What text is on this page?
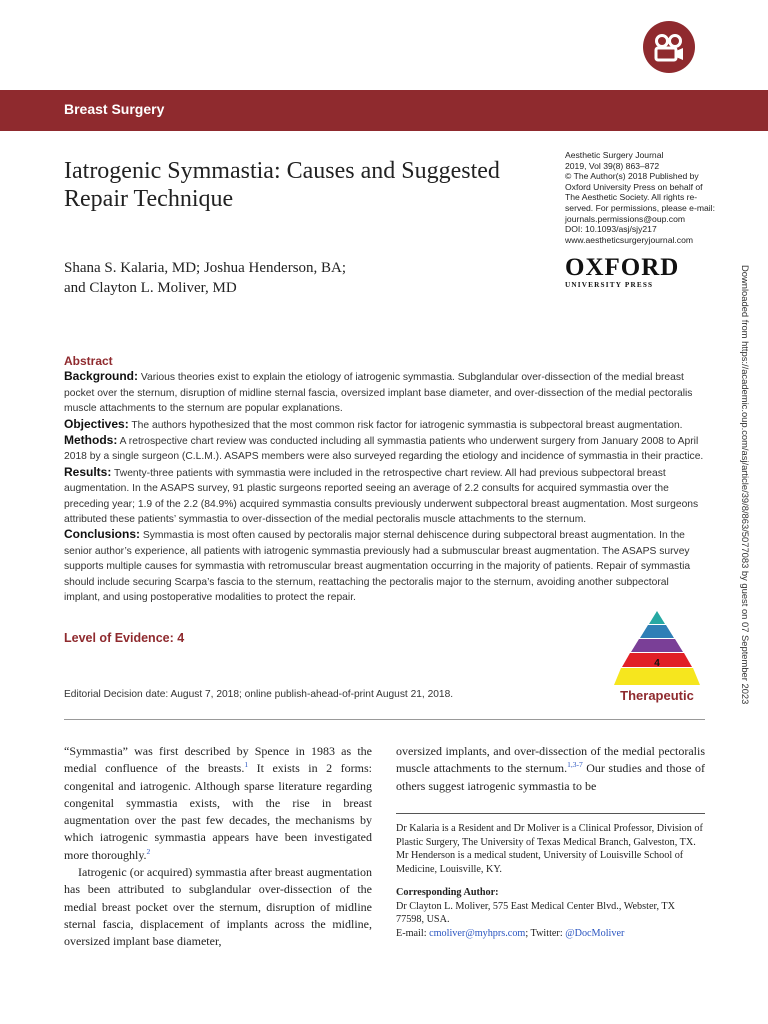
Breast Surgery
Iatrogenic Symmastia: Causes and Suggested Repair Technique
Shana S. Kalaria, MD; Joshua Henderson, BA;
and Clayton L. Moliver, MD
Aesthetic Surgery Journal
2019, Vol 39(8) 863–872
© The Author(s) 2018 Published by
Oxford University Press on behalf of
The Aesthetic Society. All rights re-
served. For permissions, please e-mail:
journals.permissions@oup.com
DOI: 10.1093/asj/sjy217
www.aestheticsurgeryjournal.com
OXFORD
UNIVERSITY PRESS	Downloaded from https://academic.oup.com/asj/article/39/8/863/5077083 by guest on 07 September 2023
Abstract

Background: Various theories exist to explain the etiology of iatrogenic symmastia. Subglandular over-dissection of the medial breast pocket over the sternum, disruption of midline sternal fascia, oversized implant base diameter, and over-dissection of the medial pectoralis muscle attachments to the sternum are popular explanations.

Objectives: The authors hypothesized that the most common risk factor for iatrogenic symmastia is subpectoral breast augmentation.

Methods: A retrospective chart review was conducted including all symmastia patients who underwent surgery from January 2008 to April 2018 by a single surgeon (C.L.M.). ASAPS members were also surveyed regarding the etiology and incidence of symmastia in their practice.

Results: Twenty-three patients with symmastia were included in the retrospective chart review. All had previous subpectoral breast augmentation. In the ASAPS survey, 91 plastic surgeons reported seeing an average of 2.2 consults for acquired symmastia over the preceding year; 1.9 of the 2.2 (84.9%) acquired symmastia consults previously underwent subpectoral breast augmentation. Most surgeons attributed these patients’ symmastia to over-dissection of the medial pectoralis muscle attachments to the sternum.

Conclusions: Symmastia is most often caused by pectoralis major sternal dehiscence during subpectoral breast augmentation. In the senior author’s experience, all patients with iatrogenic symmastia previously had a submuscular breast augmentation. The ASAPS survey supports multiple causes for symmastia with retromuscular breast augmentation occurring in the majority of patients. Repair of symmastia should include securing Scarpa’s fascia to the sternum, reattaching the pectoralis major to the sternum, avoiding another subpectoral implant, and using postoperative modalities to protect the repair.

Level of Evidence: 4
4
Therapeutic
Editorial Decision date: August 7, 2018; online publish-ahead-of-print August 21, 2018.

“Symmastia” was first described by Spence in 1983 as the medial confluence of the breasts.$^1$ It exists in 2 forms: congenital and iatrogenic. Although sparse literature regarding congenital symmastia exists, with the rise in breast augmentation over the past few decades, the mechanisms by which iatrogenic symmastia appears have been investigated more thoroughly.$^2$

Iatrogenic (or acquired) symmastia after breast augmentation has been attributed to subglandular over-dissection of the medial breast pocket over the sternum, disruption of midline sternal fascia, displacement of implants across the midline, oversized implant base diameter,

oversized implants, and over-dissection of the medial pectoralis muscle attachments to the sternum.$^{1,3-7}$ Our studies and those of others suggest iatrogenic symmastia to be

Dr Kalaria is a Resident and Dr Moliver is a Clinical Professor, Division of Plastic Surgery, The University of Texas Medical Branch, Galveston, TX. Mr Henderson is a medical student, University of Louisville School of Medicine, Louisville, KY.

Corresponding Author:

Dr Clayton L. Moliver, 575 East Medical Center Blvd., Webster, TX 77598, USA.

E-mail: cmoliver@myhprs.com; Twitter: @DocMoliver
